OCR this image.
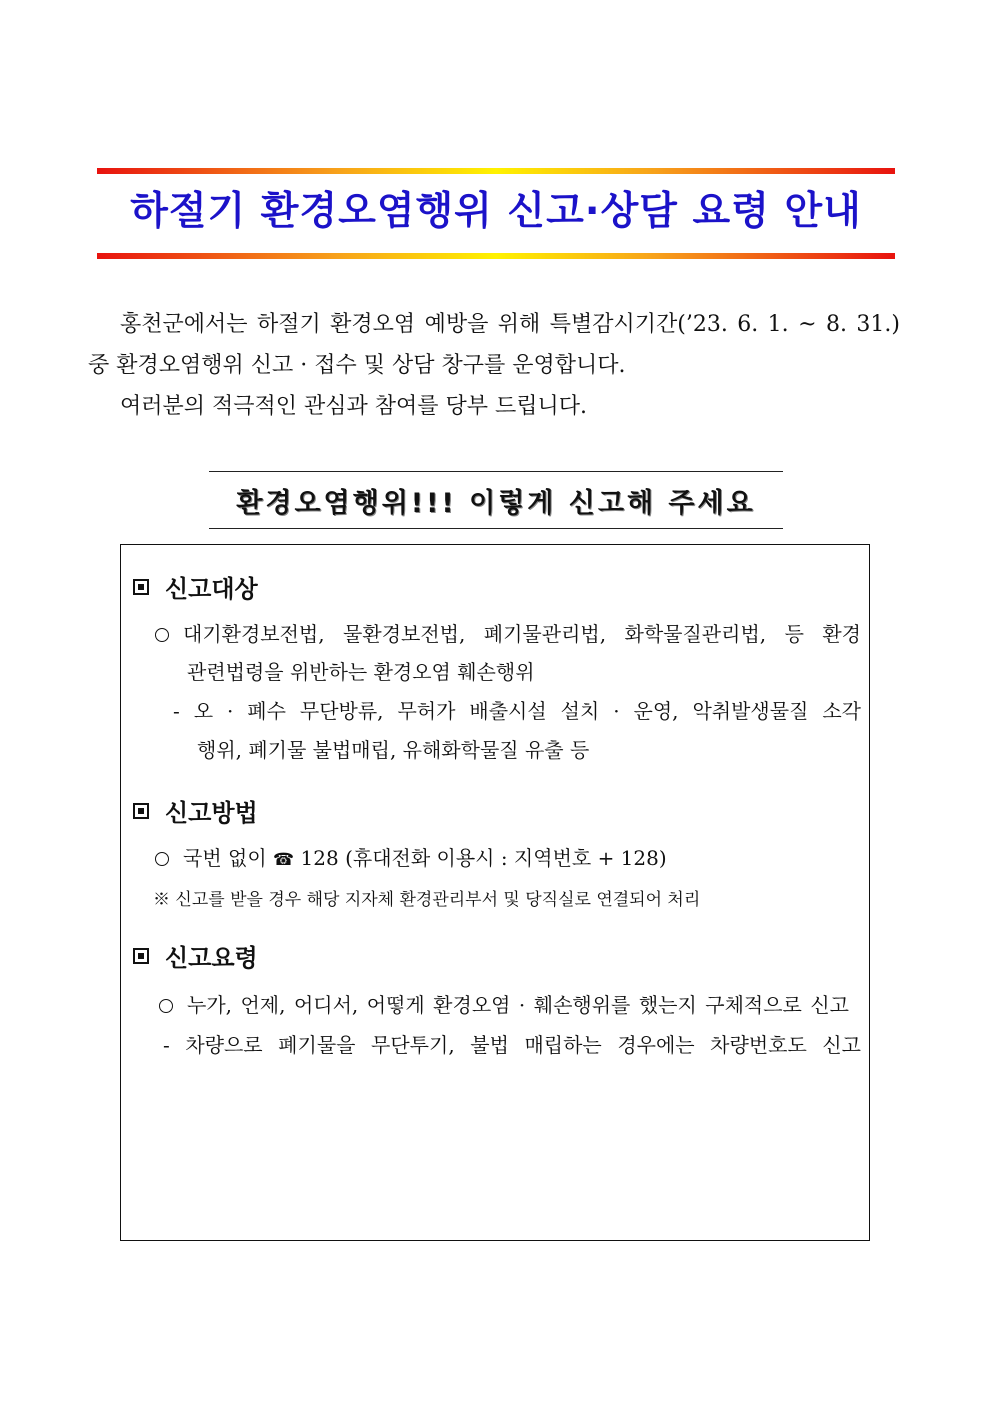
하절기 환경오염행위 신고·상담 요령 안내

홍천군에서는 하절기 환경오염 예방을 위해 특별감시기간(’23. 6. 1. ~ 8. 31.) 중 환경오염행위 신고 · 접수 및 상담 창구를 운영합니다.

여러분의 적극적인 관심과 참여를 당부 드립니다.

환경오염행위!!! 이렇게 신고해 주세요
신고대상
대기환경보전법, 물환경보전법, 폐기물관리법, 화학물질관리법, 등 환경
관련법령을 위반하는 환경오염 훼손행위
- 오 · 폐수 무단방류, 무허가 배출시설 설치 · 운영, 악취발생물질 소각
행위, 폐기물 불법매립, 유해화학물질 유출 등
신고방법
국번 없이 ☎ 128 (휴대전화 이용시 : 지역번호 + 128)
※ 신고를 받을 경우 해당 지자체 환경관리부서 및 당직실로 연결되어 처리
신고요령
누가, 언제, 어디서, 어떻게 환경오염 · 훼손행위를 했는지 구체적으로 신고
- 차량으로 폐기물을 무단투기, 불법 매립하는 경우에는 차량번호도 신고
